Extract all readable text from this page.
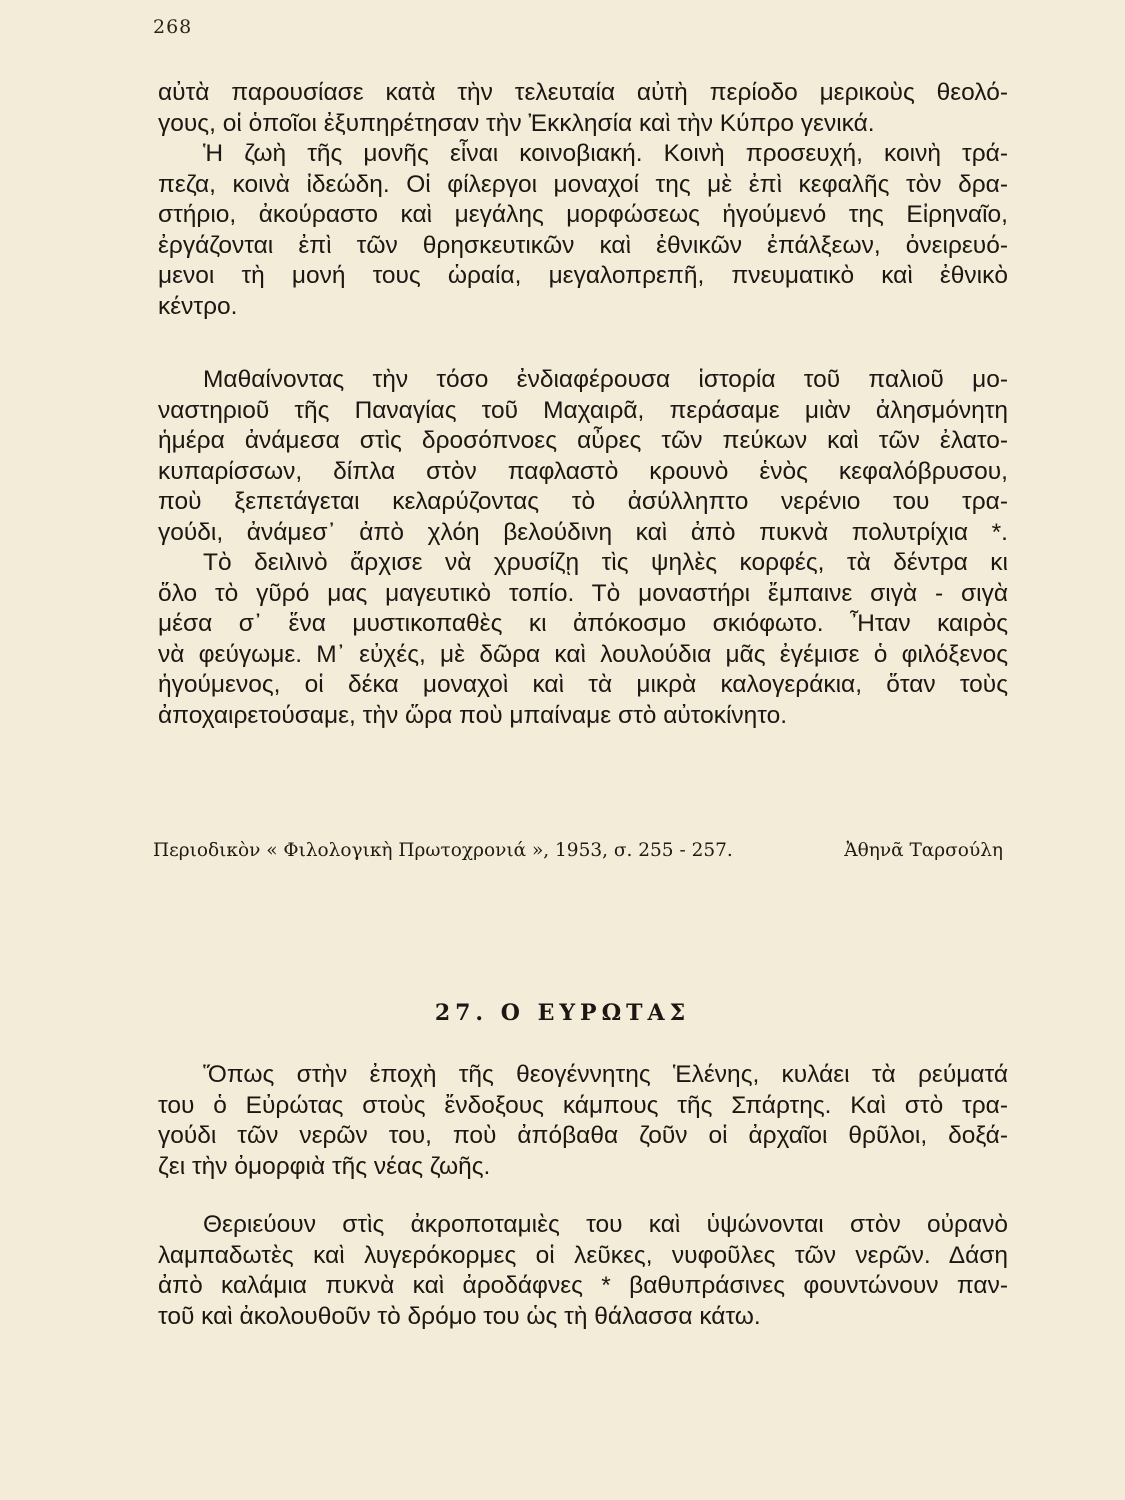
268
αὐτὰ παρουσίασε κατὰ τὴν τελευταία αὐτὴ περίοδο μερικοὺς θεολό-
γους, οἱ ὁποῖοι ἐξυπηρέτησαν τὴν Ἐκκλησία καὶ τὴν Κύπρο γενικά.
Ἡ ζωὴ τῆς μονῆς εἶναι κοινοβιακή. Κοινὴ προσευχή, κοινὴ τρά-
πεζα, κοινὰ ἰδεώδη. Οἱ φίλεργοι μοναχοί της μὲ ἐπὶ κεφαλῆς τὸν δρα-
στήριο, ἀκούραστο καὶ μεγάλης μορφώσεως ἡγούμενό της Εἰρηναῖο,
ἐργάζονται ἐπὶ τῶν θρησκευτικῶν καὶ ἐθνικῶν ἐπάλξεων, ὀνειρευό-
μενοι τὴ μονή τους ὡραία, μεγαλοπρεπῆ, πνευματικὸ καὶ ἐθνικὸ
κέντρο.
Μαθαίνοντας τὴν τόσο ἐνδιαφέρουσα ἱστορία τοῦ παλιοῦ μο-
ναστηριοῦ τῆς Παναγίας τοῦ Μαχαιρᾶ, περάσαμε μιὰν ἀλησμόνητη
ἡμέρα ἀνάμεσα στὶς δροσόπνοες αὖρες τῶν πεύκων καὶ τῶν ἐλατο-
κυπαρίσσων, δίπλα στὸν παφλαστὸ κρουνὸ ἑνὸς κεφαλόβρυσου,
ποὺ ξεπετάγεται κελαρύζοντας τὸ ἀσύλληπτο νερένιο του τρα-
γούδι, ἀνάμεσ᾽ ἀπὸ χλόη βελούδινη καὶ ἀπὸ πυκνὰ πολυτρίχια *.
Τὸ δειλινὸ ἄρχισε νὰ χρυσίζῃ τὶς ψηλὲς κορφές, τὰ δέντρα κι
ὅλο τὸ γῦρό μας μαγευτικὸ τοπίο. Τὸ μοναστήρι ἔμπαινε σιγὰ - σιγὰ
μέσα σ᾽ ἕνα μυστικοπαθὲς κι ἀπόκοσμο σκιόφωτο. Ἦταν καιρὸς
νὰ φεύγωμε. Μ᾽ εὐχές, μὲ δῶρα καὶ λουλούδια μᾶς ἐγέμισε ὁ φιλόξενος
ἡγούμενος, οἱ δέκα μοναχοὶ καὶ τὰ μικρὰ καλογεράκια, ὅταν τοὺς
ἀποχαιρετούσαμε, τὴν ὥρα ποὺ μπαίναμε στὸ αὐτοκίνητο.
Περιοδικὸν « Φιλολογικὴ Πρωτοχρονιά », 1953, σ. 255 - 257.	Ἀθηνᾶ Ταρσούλη
27. Ο ΕΥΡΩΤΑΣ
Ὅπως στὴν ἐποχὴ τῆς θεογέννητης Ἑλένης, κυλάει τὰ ρεύματά
του ὁ Εὐρώτας στοὺς ἔνδοξους κάμπους τῆς Σπάρτης. Καὶ στὸ τρα-
γούδι τῶν νερῶν του, ποὺ ἀπόβαθα ζοῦν οἱ ἀρχαῖοι θρῦλοι, δοξά-
ζει τὴν ὀμορφιὰ τῆς νέας ζωῆς.
Θεριεύουν στὶς ἀκροποταμιὲς του καὶ ὑψώνονται στὸν οὐρανὸ
λαμπαδωτὲς καὶ λυγερόκορμες οἱ λεῦκες, νυφοῦλες τῶν νερῶν. Δάση
ἀπὸ καλάμια πυκνὰ καὶ ἀροδάφνες * βαθυπράσινες φουντώνουν παν-
τοῦ καὶ ἀκολουθοῦν τὸ δρόμο του ὡς τὴ θάλασσα κάτω.
